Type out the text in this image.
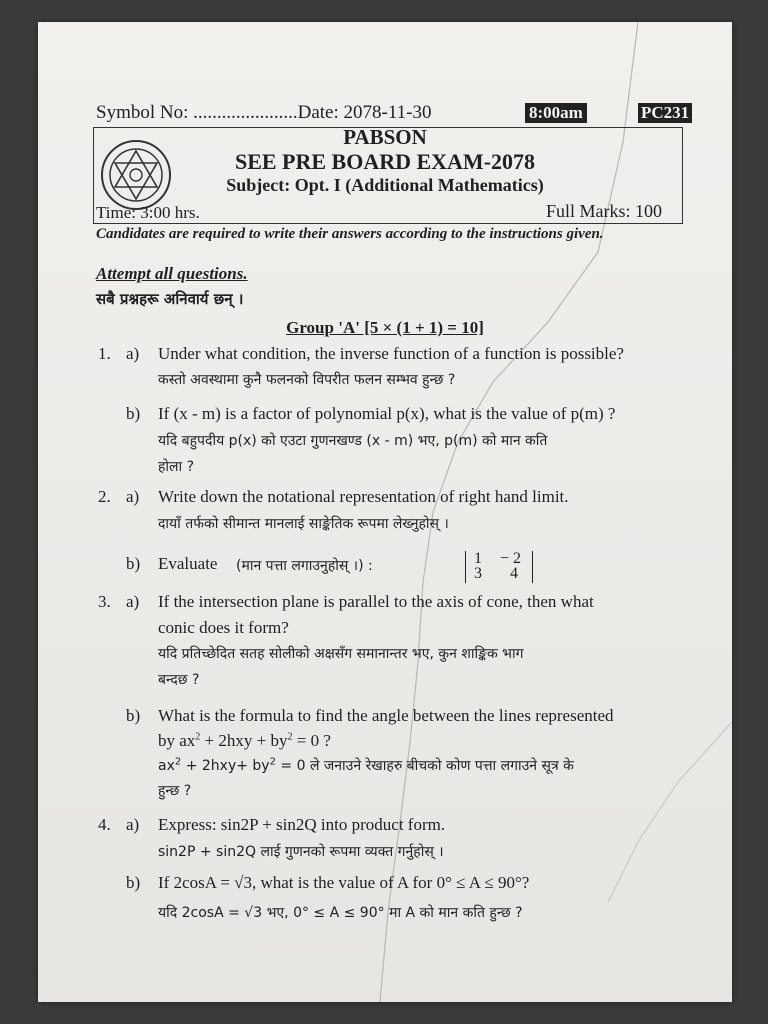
Symbol No: ......................Date: 2078-11-30	8:00am	PC231
PABSON
SEE PRE BOARD EXAM-2078
Subject: Opt. I (Additional Mathematics)
Time: 3:00 hrs.	Full Marks: 100
Candidates are required to write their answers according to the instructions given.
Attempt all questions.
सबै प्रश्नहरू अनिवार्य छन् ।
Group 'A' [5 × (1 + 1) = 10]
1. a) Under what condition, the inverse function of a function is possible?
कस्तो अवस्थामा कुनै फलनको विपरीत फलन सम्भव हुन्छ ?
b) If (x - m) is a factor of polynomial p(x), what is the value of p(m) ?
यदि बहुपदीय p(x) को एउटा गुणनखण्ड (x - m) भए, p(m) को मान कति
होला ?
2. a) Write down the notational representation of right hand limit.
दायाँ तर्फको सीमान्त मानलाई साङ्केतिक रूपमा लेख्नुहोस् ।
b) Evaluate (मान पत्ता लगाउनुहोस् ।) :	1 − 2
3 4
3. a) If the intersection plane is parallel to the axis of cone, then what
conic does it form?
यदि प्रतिच्छेदित सतह सोलीको अक्षसँग समानान्तर भए, कुन शाङ्किक भाग
बन्दछ ?
b) What is the formula to find the angle between the lines represented
by $ax^2 + 2hxy + by^2 = 0$ ?
$ax^2 + 2hxy+ by^2 = 0$ ले जनाउने रेखाहरु बीचको कोण पत्ता लगाउने सूत्र के
हुन्छ ?
4. a) Express: sin2P + sin2Q into product form.
sin2P + sin2Q लाई गुणनको रूपमा व्यक्त गर्नुहोस् ।
b) If 2cosA = √3, what is the value of A for 0° ≤ A ≤ 90°?
यदि 2cosA = √3 भए, 0° ≤ A ≤ 90° मा A को मान कति हुन्छ ?
